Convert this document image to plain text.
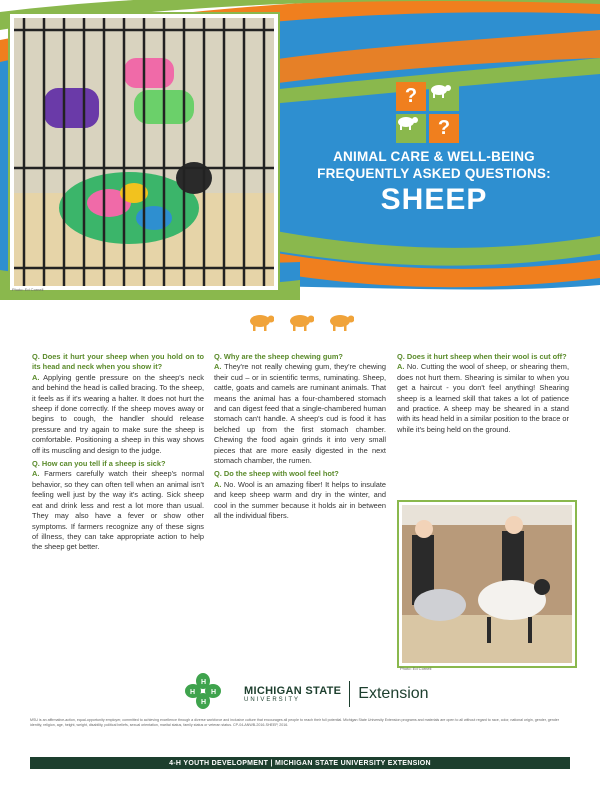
Photo: Ed Cornell
?
?
ANIMAL CARE & WELL-BEING
FREQUENTLY ASKED QUESTIONS:
SHEEP
Q. Does it hurt your sheep when you hold on to its head and neck when you show it?
A. Applying gentle pressure on the sheep's neck and behind the head is called bracing. To the sheep, it feels as if it's wearing a halter. It does not hurt the sheep if done correctly. If the sheep moves away or begins to cough, the handler should release pressure and try again to make sure the sheep is comfortable. Positioning a sheep in this way shows off its muscling and design to the judge.
Q. How can you tell if a sheep is sick?
A. Farmers carefully watch their sheep's normal behavior, so they can often tell when an animal isn't feeling well just by the way it's acting. Sick sheep eat and drink less and rest a lot more than usual. They may also have a fever or show other symptoms. If farmers recognize any of these signs of illness, they can take appropriate action to help the sheep get better.
Q. Why are the sheep chewing gum?
A. They're not really chewing gum, they're chewing their cud – or in scientific terms, ruminating. Sheep, cattle, goats and camels are ruminant animals. That means the animal has a four-chambered stomach and can digest feed that a single-chambered human stomach can't handle. A sheep's cud is food it has belched up from the first stomach chamber. Chewing the food again grinds it into very small pieces that are more easily digested in the next stomach chamber, the rumen.
Q. Do the sheep with wool feel hot?
A. No. Wool is an amazing fiber! It helps to insulate and keep sheep warm and dry in the winter, and cool in the summer because it holds air in between all the individual fibers.
Q. Does it hurt sheep when their wool is cut off?
A. No. Cutting the wool of sheep, or shearing them, does not hurt them. Shearing is similar to when you get a haircut - you don't feel anything! Shearing sheep is a learned skill that takes a lot of patience and practice. A sheep may be sheared in a stand with its head held in a similar position to the brace or while it's being held on the ground.
Photo: Ed Cornell
H
H
H H	MICHIGAN STATE
UNIVERSITY	Extension
MSU is an affirmative-action, equal-opportunity employer, committed to achieving excellence through a diverse workforce and inclusive culture that encourages all people to reach their full potential. Michigan State University Extension programs and materials are open to all without regard to race, color, national origin, gender, gender identity, religion, age, height, weight, disability, political beliefs, sexual orientation, marital status, family status or veteran status. CP-04-ANWB-2016-SHEEP, 2016.
4-H YOUTH DEVELOPMENT | MICHIGAN STATE UNIVERSITY EXTENSION
